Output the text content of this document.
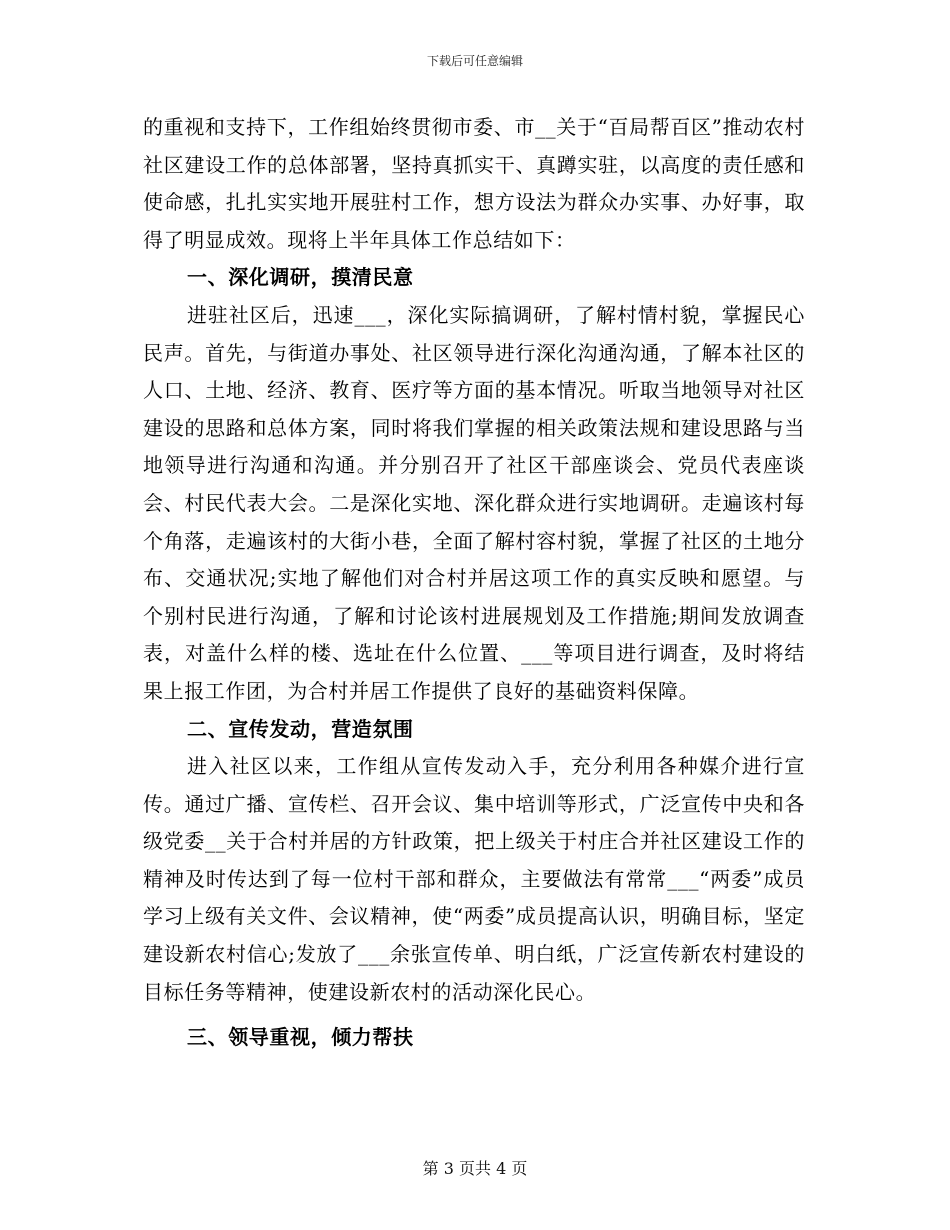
下载后可任意编辑

的重视和支持下，工作组始终贯彻市委、市__关于“百局帮百区”推动农村社区建设工作的总体部署，坚持真抓实干、真蹲实驻，以高度的责任感和使命感，扎扎实实地开展驻村工作，想方设法为群众办实事、办好事，取得了明显成效。现将上半年具体工作总结如下：

一、深化调研，摸清民意

进驻社区后，迅速___，深化实际搞调研，了解村情村貌，掌握民心民声。首先，与街道办事处、社区领导进行深化沟通沟通，了解本社区的人口、土地、经济、教育、医疗等方面的基本情况。听取当地领导对社区建设的思路和总体方案，同时将我们掌握的相关政策法规和建设思路与当地领导进行沟通和沟通。并分别召开了社区干部座谈会、党员代表座谈会、村民代表大会。二是深化实地、深化群众进行实地调研。走遍该村每个角落，走遍该村的大街小巷，全面了解村容村貌，掌握了社区的土地分布、交通状况;实地了解他们对合村并居这项工作的真实反映和愿望。与个别村民进行沟通，了解和讨论该村进展规划及工作措施;期间发放调查表，对盖什么样的楼、选址在什么位置、___等项目进行调查，及时将结果上报工作团，为合村并居工作提供了良好的基础资料保障。

二、宣传发动，营造氛围

进入社区以来，工作组从宣传发动入手，充分利用各种媒介进行宣传。通过广播、宣传栏、召开会议、集中培训等形式，广泛宣传中央和各级党委__关于合村并居的方针政策，把上级关于村庄合并社区建设工作的精神及时传达到了每一位村干部和群众，主要做法有常常___“两委”成员学习上级有关文件、会议精神，使“两委”成员提高认识，明确目标，坚定建设新农村信心;发放了___余张宣传单、明白纸，广泛宣传新农村建设的目标任务等精神，使建设新农村的活动深化民心。

三、领导重视，倾力帮扶

第 3 页共 4 页
